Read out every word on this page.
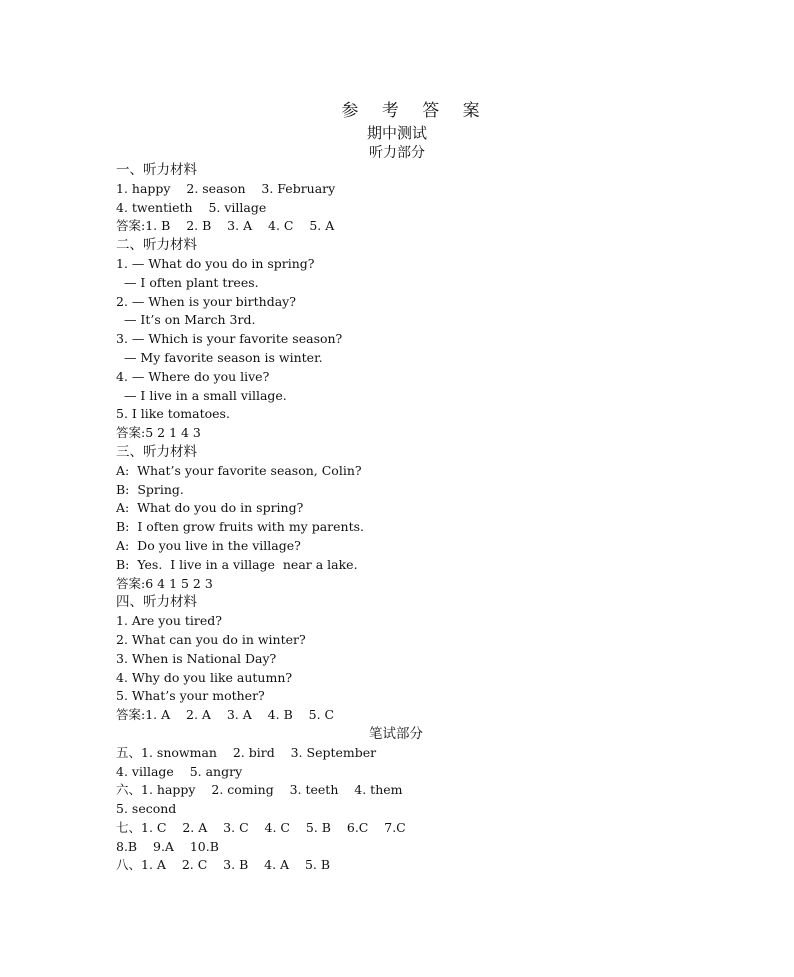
参 考 答 案
期中测试
听力部分
一、听力材料
1. happy    2. season    3. February
4. twentieth    5. village
答案:1. B    2. B    3. A    4. C    5. A
二、听力材料
1. — What do you do in spring?
— I often plant trees.
2. — When is your birthday?
— It’s on March 3rd.
3. — Which is your favorite season?
— My favorite season is winter.
4. — Where do you live?
— I live in a small village.
5. I like tomatoes.
答案:5 2 1 4 3
三、听力材料
A:  What’s your favorite season, Colin?
B:  Spring.
A:  What do you do in spring?
B:  I often grow fruits with my parents.
A:  Do you live in the village?
B:  Yes.  I live in a village  near a lake.
答案:6 4 1 5 2 3
四、听力材料
1. Are you tired?
2. What can you do in winter?
3. When is National Day?
4. Why do you like autumn?
5. What’s your mother?
答案:1. A    2. A    3. A    4. B    5. C
笔试部分
五、1. snowman    2. bird    3. September
4. village    5. angry
六、1. happy    2. coming    3. teeth    4. them
5. second
七、1. C    2. A    3. C    4. C    5. B    6.C    7.C
8.B    9.A    10.B
八、1. A    2. C    3. B    4. A    5. B
